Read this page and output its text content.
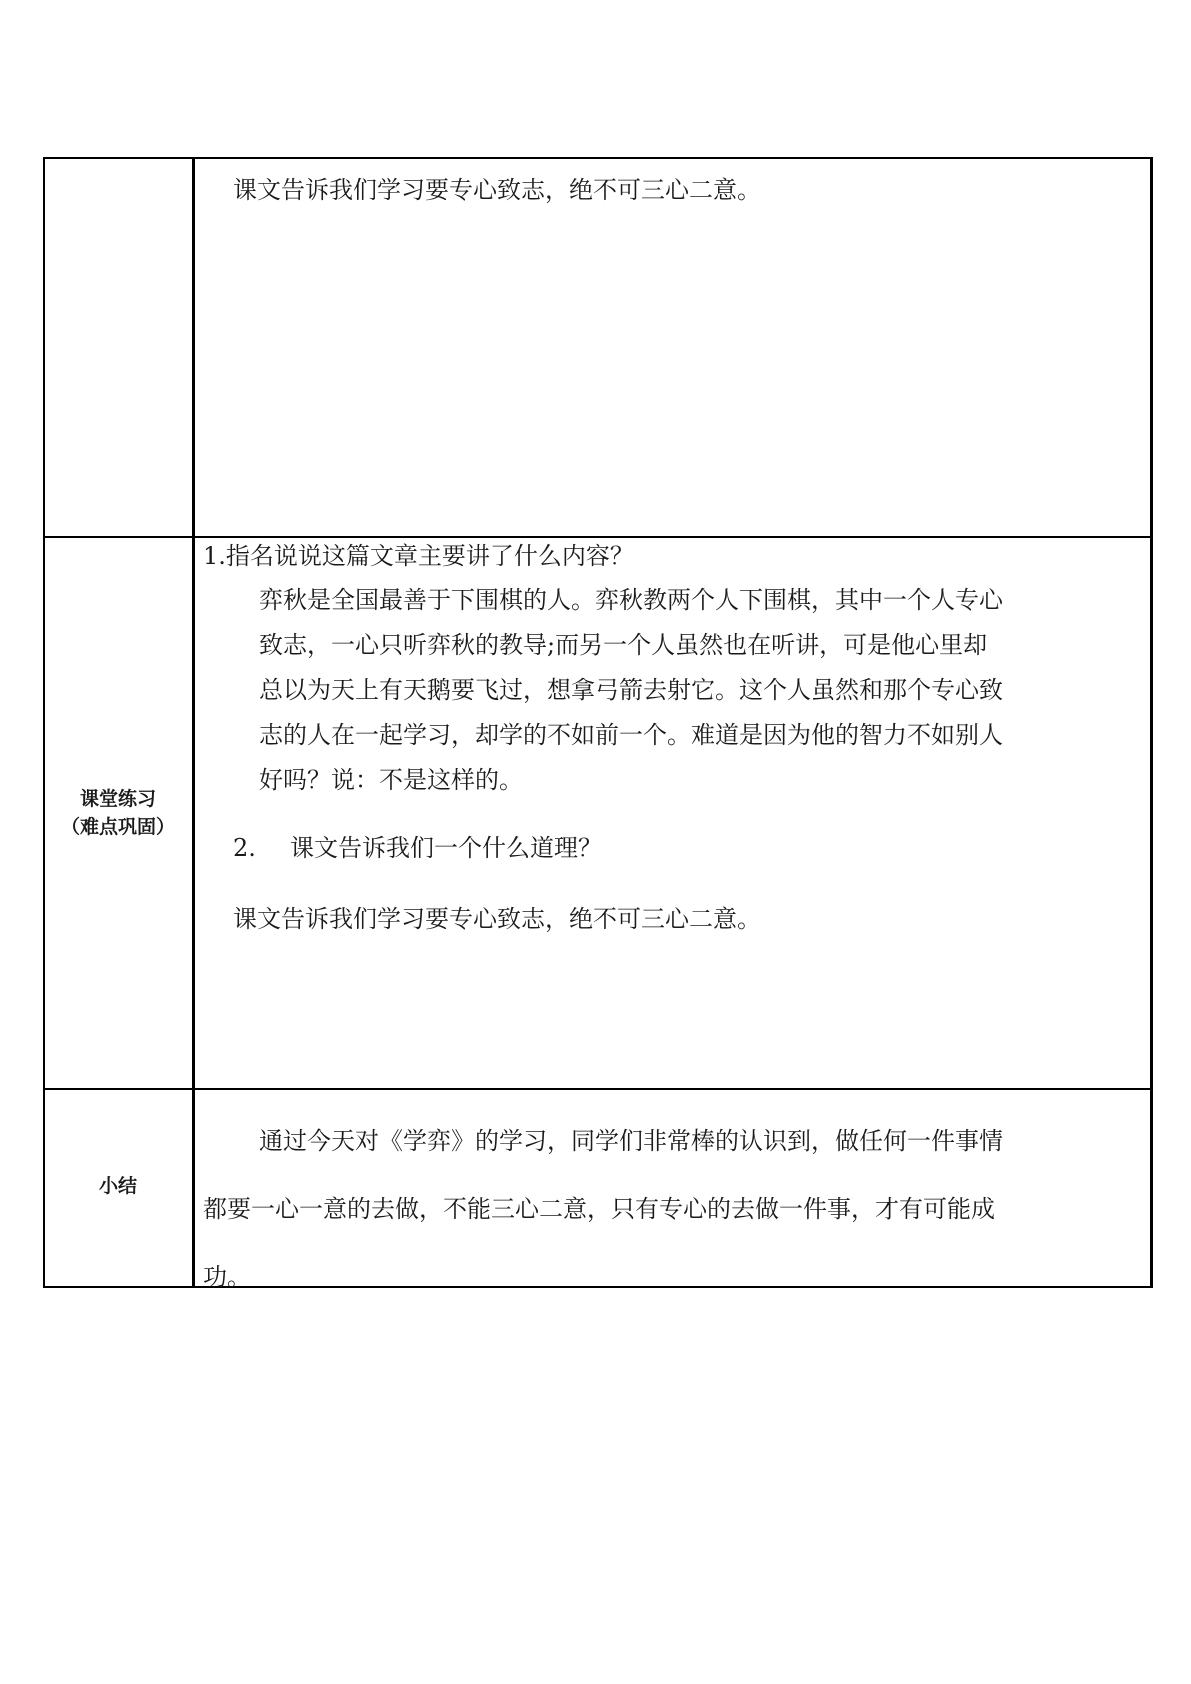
课文告诉我们学习要专心致志，绝不可三心二意。
课堂练习
（难点巩固）
1.指名说说这篇文章主要讲了什么内容？
弈秋是全国最善于下围棋的人。弈秋教两个人下围棋，其中一个人专心
致志，一心只听弈秋的教导;而另一个人虽然也在听讲，可是他心里却
总以为天上有天鹅要飞过，想拿弓箭去射它。这个人虽然和那个专心致
志的人在一起学习，却学的不如前一个。难道是因为他的智力不如别人
好吗？说：不是这样的。
2. 课文告诉我们一个什么道理？
课文告诉我们学习要专心致志，绝不可三心二意。
小结
通过今天对《学弈》的学习，同学们非常棒的认识到，做任何一件事情
都要一心一意的去做，不能三心二意，只有专心的去做一件事，才有可能成
功。
